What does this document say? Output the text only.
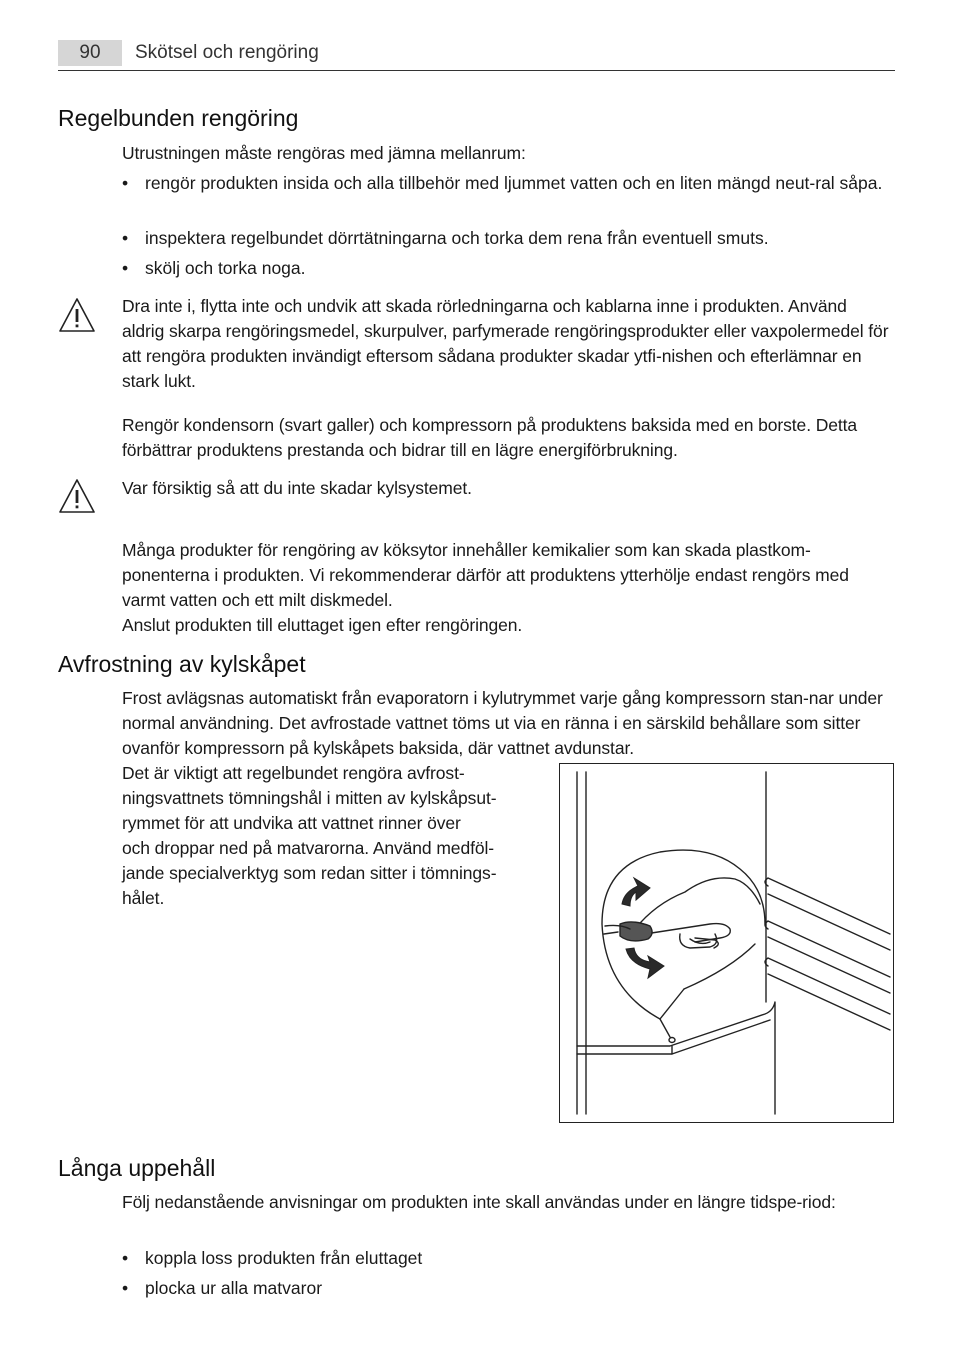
90	Skötsel och rengöring
Regelbunden rengöring

Utrustningen måste rengöras med jämna mellanrum:

• rengör produkten insida och alla tillbehör med ljummet vatten och en liten mängd neut-ral såpa.
• inspektera regelbundet dörrtätningarna och torka dem rena från eventuell smuts.
• skölj och torka noga.

Dra inte i, flytta inte och undvik att skada rörledningarna och kablarna inne i produkten. Använd aldrig skarpa rengöringsmedel, skurpulver, parfymerade rengöringsprodukter eller vaxpolermedel för att rengöra produkten invändigt eftersom sådana produkter skadar ytfi-nishen och efterlämnar en stark lukt.

Rengör kondensorn (svart galler) och kompressorn på produktens baksida med en borste. Detta förbättrar produktens prestanda och bidrar till en lägre energiförbrukning.

Var försiktig så att du inte skadar kylsystemet.

Många produkter för rengöring av köksytor innehåller kemikalier som kan skada plastkom-ponenterna i produkten. Vi rekommenderar därför att produktens ytterhölje endast rengörs med varmt vatten och ett milt diskmedel.

Anslut produkten till eluttaget igen efter rengöringen.

Avfrostning av kylskåpet

Frost avlägsnas automatiskt från evaporatorn i kylutrymmet varje gång kompressorn stan-nar under normal användning. Det avfrostade vattnet töms ut via en ränna i en särskild behållare som sitter ovanför kompressorn på kylskåpets baksida, där vattnet avdunstar.

Det är viktigt att regelbundet rengöra avfrost-
ningsvattnets tömningshål i mitten av kylskåpsut-
rymmet för att undvika att vattnet rinner över
och droppar ned på matvarorna. Använd medföl-
jande specialverktyg som redan sitter i tömnings-
hålet.
Långa uppehåll

Följ nedanstående anvisningar om produkten inte skall användas under en längre tidspe-riod:

• koppla loss produkten från eluttaget
• plocka ur alla matvaror
